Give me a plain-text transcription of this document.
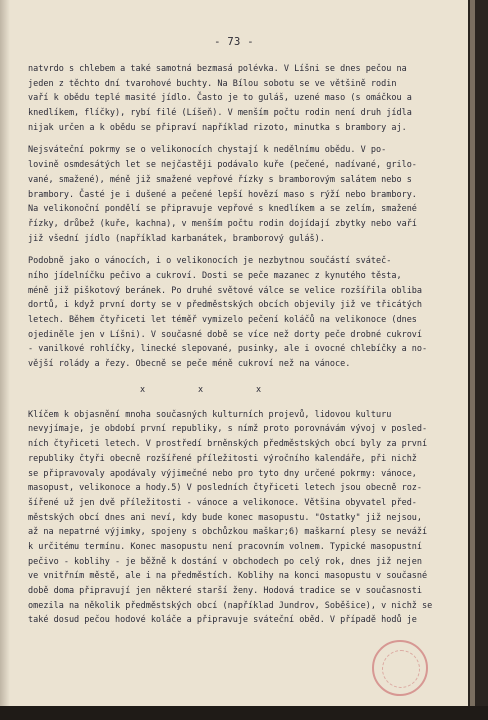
- 73 -
natvrdo s chlebem a také samotná bezmasá polévka. V Líšni se dnes pečou na
jeden z těchto dní tvarohové buchty. Na Bílou sobotu se ve většině rodin
vaří k obědu teplé masité jídlo. Často je to guláš, uzené maso (s omáčkou a
knedlíkem, flíčky), rybí filé (Líšeň). V menším počtu rodin není druh jídla
nijak určen a k obědu se připraví například rizoto, minutka s brambory aj.
Nejsváteční pokrmy se o velikonocích chystají k nedělnímu obědu. V po-
lovině osmdesátých let se nejčastěji podávalo kuře (pečené, nadívané, grilo-
vané, smažené), méně již smažené vepřové řízky s bramborovým salátem nebo s
brambory. Časté je i dušené a pečené lepší hovězí maso s rýží nebo brambory.
Na velikonoční pondělí se připravuje vepřové s knedlíkem a se zelím, smažené
řízky, drůbež (kuře, kachna), v menším počtu rodin dojídají zbytky nebo vaří
již všední jídlo (například karbanátek, bramborový guláš).
Podobně jako o vánocích, i o velikonocích je nezbytnou součástí sváteč-
ního jídelníčku pečivo a cukroví. Dosti se peče mazanec z kynutého těsta,
méně již piškotový beránek. Po druhé světové válce se velice rozšířila obliba
dortů, i když první dorty se v předměstských obcích objevily již ve třicátých
letech. Během čtyřiceti let téměř vymizelo pečení koláčů na velikonoce (dnes
ojediněle jen v Líšni). V současné době se více než dorty peče drobné cukroví
- vanilkové rohlíčky, linecké slepované, pusinky, ale i ovocné chlebíčky a no-
vější rolády a řezy. Obecně se peče méně cukroví než na vánoce.
x	x	x
Klíčem k objasnění mnoha současných kulturních projevů, lidovou kulturu
nevyjímaje, je období první republiky, s nímž proto porovnávám vývoj v posled-
ních čtyřiceti letech. V prostředí brněnských předměstských obcí byly za první
republiky čtyři obecně rozšířené příležitosti výročního kalendáře, při nichž
se připravovaly apodávaly výjimečné nebo pro tyto dny určené pokrmy: vánoce,
masopust, velikonoce a hody.5) V posledních čtyřiceti letech jsou obecně roz-
šířené už jen dvě příležitosti - vánoce a velikonoce. Většina obyvatel před-
městských obcí dnes ani neví, kdy bude konec masopustu. "Ostatky" již nejsou,
až na nepatrné výjimky, spojeny s obchůzkou maškar;6) maškarní plesy se neváží
k určitému termínu. Konec masopustu není pracovním volnem. Typické masopustní
pečivo - koblihy - je běžně k dostání v obchodech po celý rok, dnes již nejen
ve vnitřním městě, ale i na předměstích. Koblihy na konci masopustu v současné
době doma připravují jen některé starší ženy. Hodová tradice se v současnosti
omezila na několik předměstských obcí (například Jundrov, Soběšice), v nichž se
také dosud pečou hodové koláče a připravuje sváteční oběd. V případě hodů je
